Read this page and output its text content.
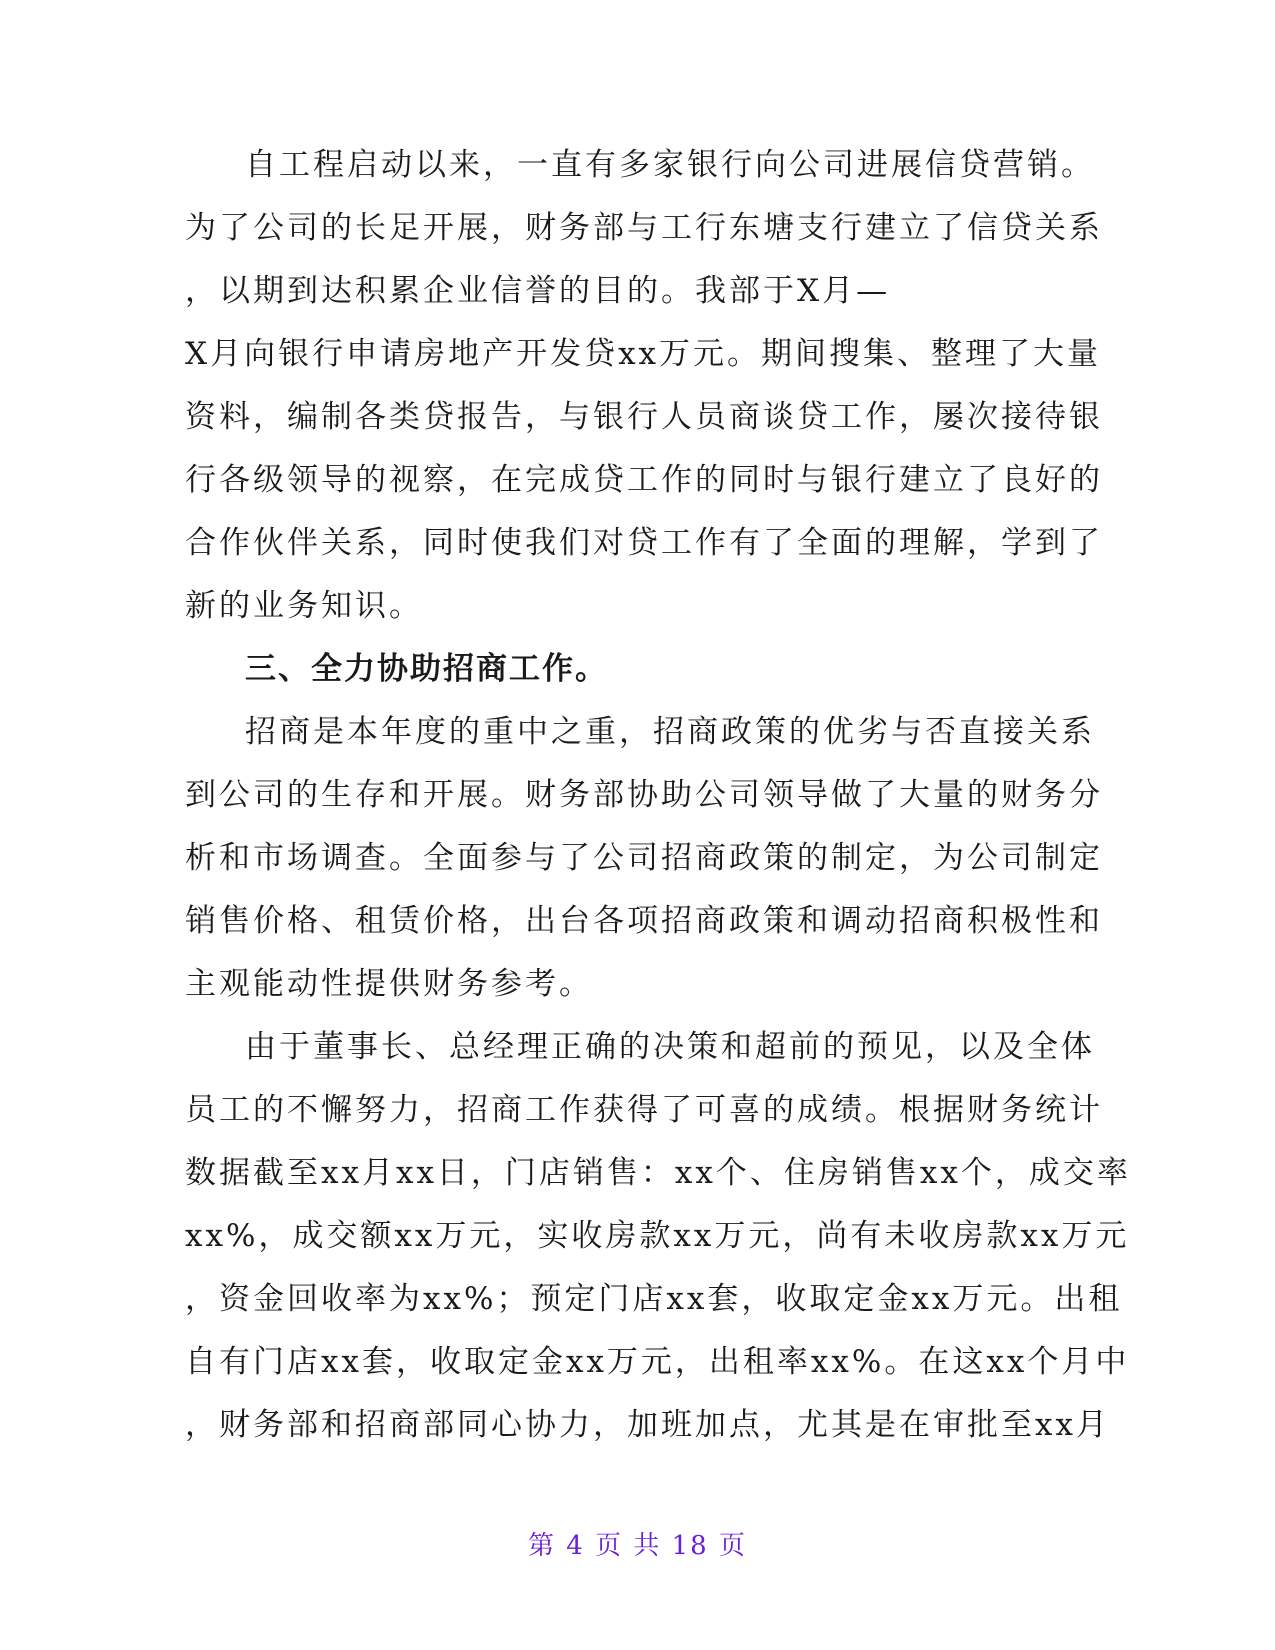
自工程启动以来，一直有多家银行向公司进展信贷营销。
为了公司的长足开展，财务部与工行东塘支行建立了信贷关系
，以期到达积累企业信誉的目的。我部于X月—
X月向银行申请房地产开发贷xx万元。期间搜集、整理了大量
资料，编制各类贷报告，与银行人员商谈贷工作，屡次接待银
行各级领导的视察，在完成贷工作的同时与银行建立了良好的
合作伙伴关系，同时使我们对贷工作有了全面的理解，学到了
新的业务知识。
三、全力协助招商工作。
招商是本年度的重中之重，招商政策的优劣与否直接关系
到公司的生存和开展。财务部协助公司领导做了大量的财务分
析和市场调查。全面参与了公司招商政策的制定，为公司制定
销售价格、租赁价格，出台各项招商政策和调动招商积极性和
主观能动性提供财务参考。
由于董事长、总经理正确的决策和超前的预见，以及全体
员工的不懈努力，招商工作获得了可喜的成绩。根据财务统计
数据截至xx月xx日，门店销售：xx个、住房销售xx个，成交率
xx%，成交额xx万元，实收房款xx万元，尚有未收房款xx万元
，资金回收率为xx%；预定门店xx套，收取定金xx万元。出租
自有门店xx套，收取定金xx万元，出租率xx%。在这xx个月中
，财务部和招商部同心协力，加班加点，尤其是在审批至xx月
第 4 页 共 18 页
